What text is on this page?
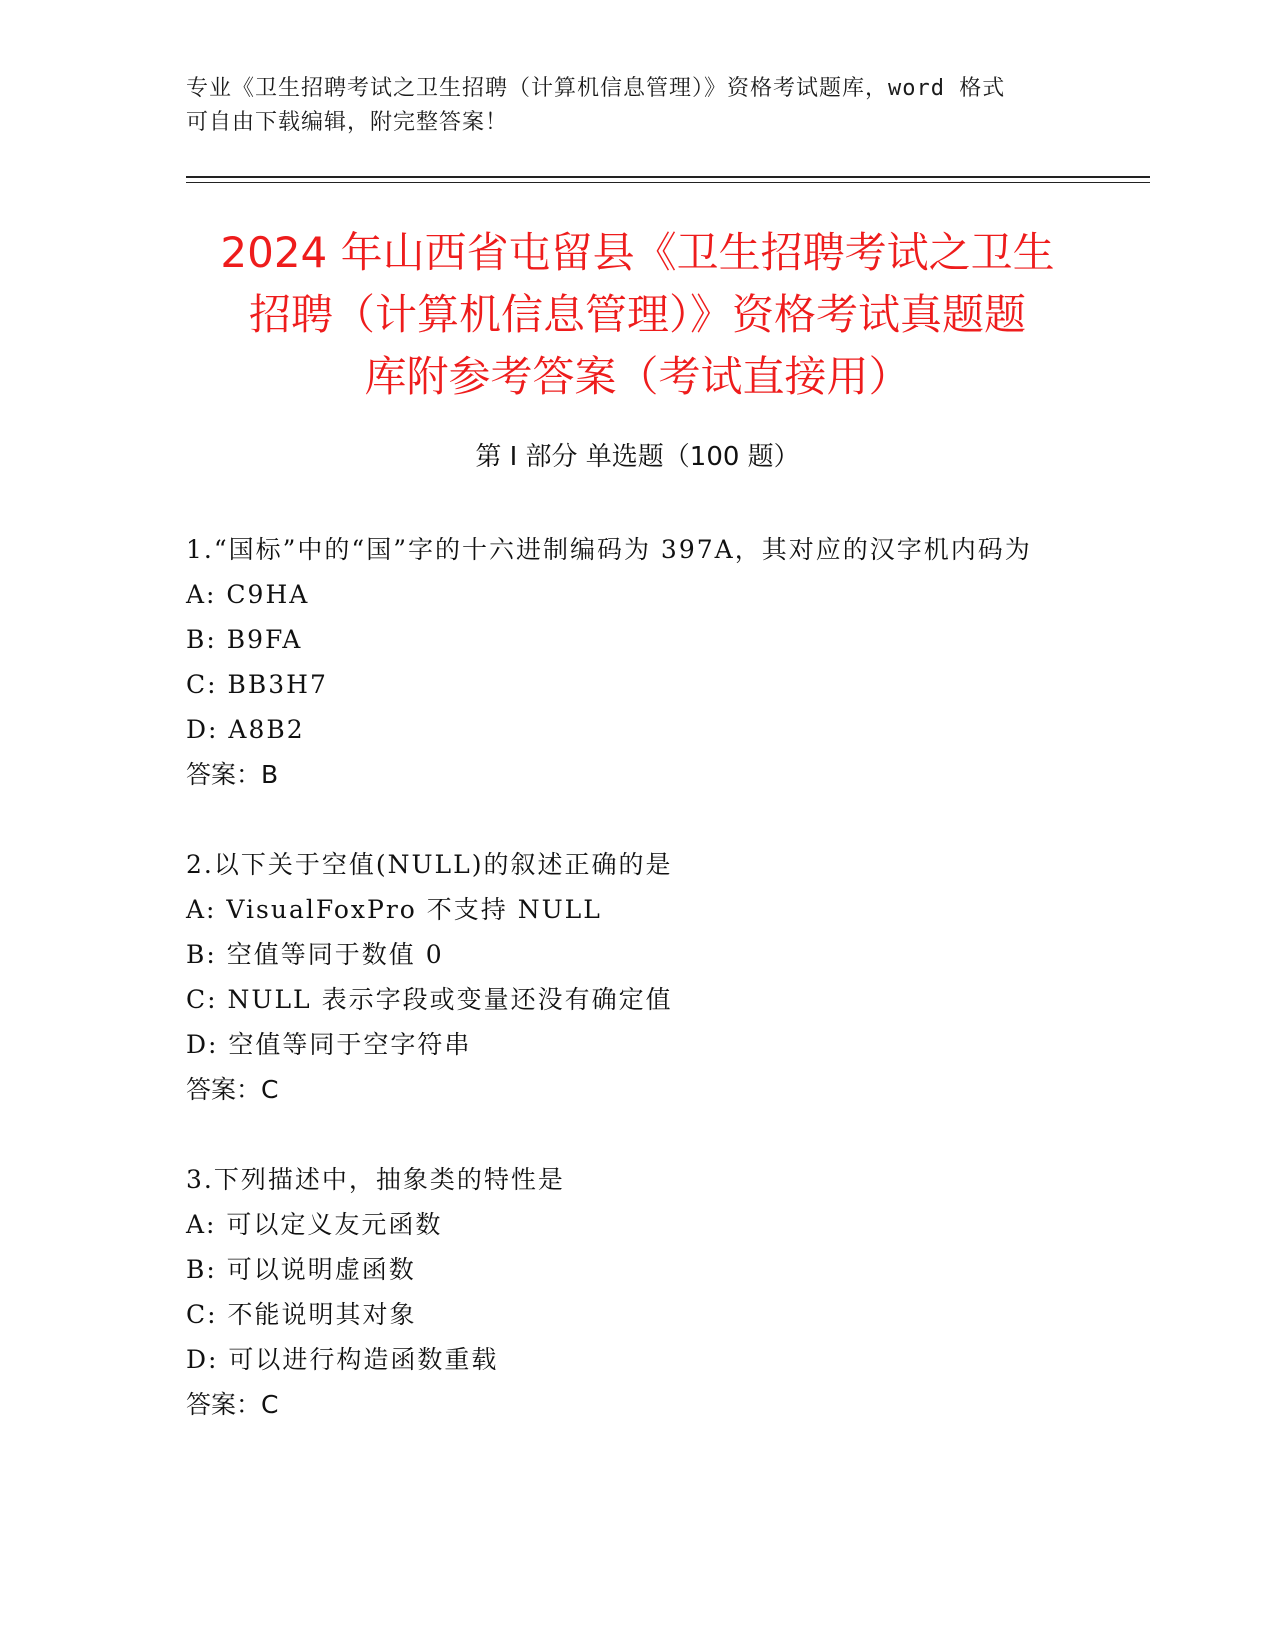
专业《卫生招聘考试之卫生招聘（计算机信息管理）》资格考试题库，word 格式
可自由下载编辑，附完整答案！
2024 年山西省屯留县《卫生招聘考试之卫生
招聘（计算机信息管理）》资格考试真题题
库附参考答案（考试直接用）
第 I 部分 单选题（100 题）

1.“国标”中的“国”字的十六进制编码为 397A，其对应的汉字机内码为

A: C9HA

B: B9FA

C: BB3H7

D: A8B2

答案：B

2.以下关于空值(NULL)的叙述正确的是

A: VisualFoxPro 不支持 NULL

B: 空值等同于数值 0

C: NULL 表示字段或变量还没有确定值

D: 空值等同于空字符串

答案：C

3.下列描述中，抽象类的特性是

A: 可以定义友元函数

B: 可以说明虚函数

C: 不能说明其对象

D: 可以进行构造函数重载

答案：C
